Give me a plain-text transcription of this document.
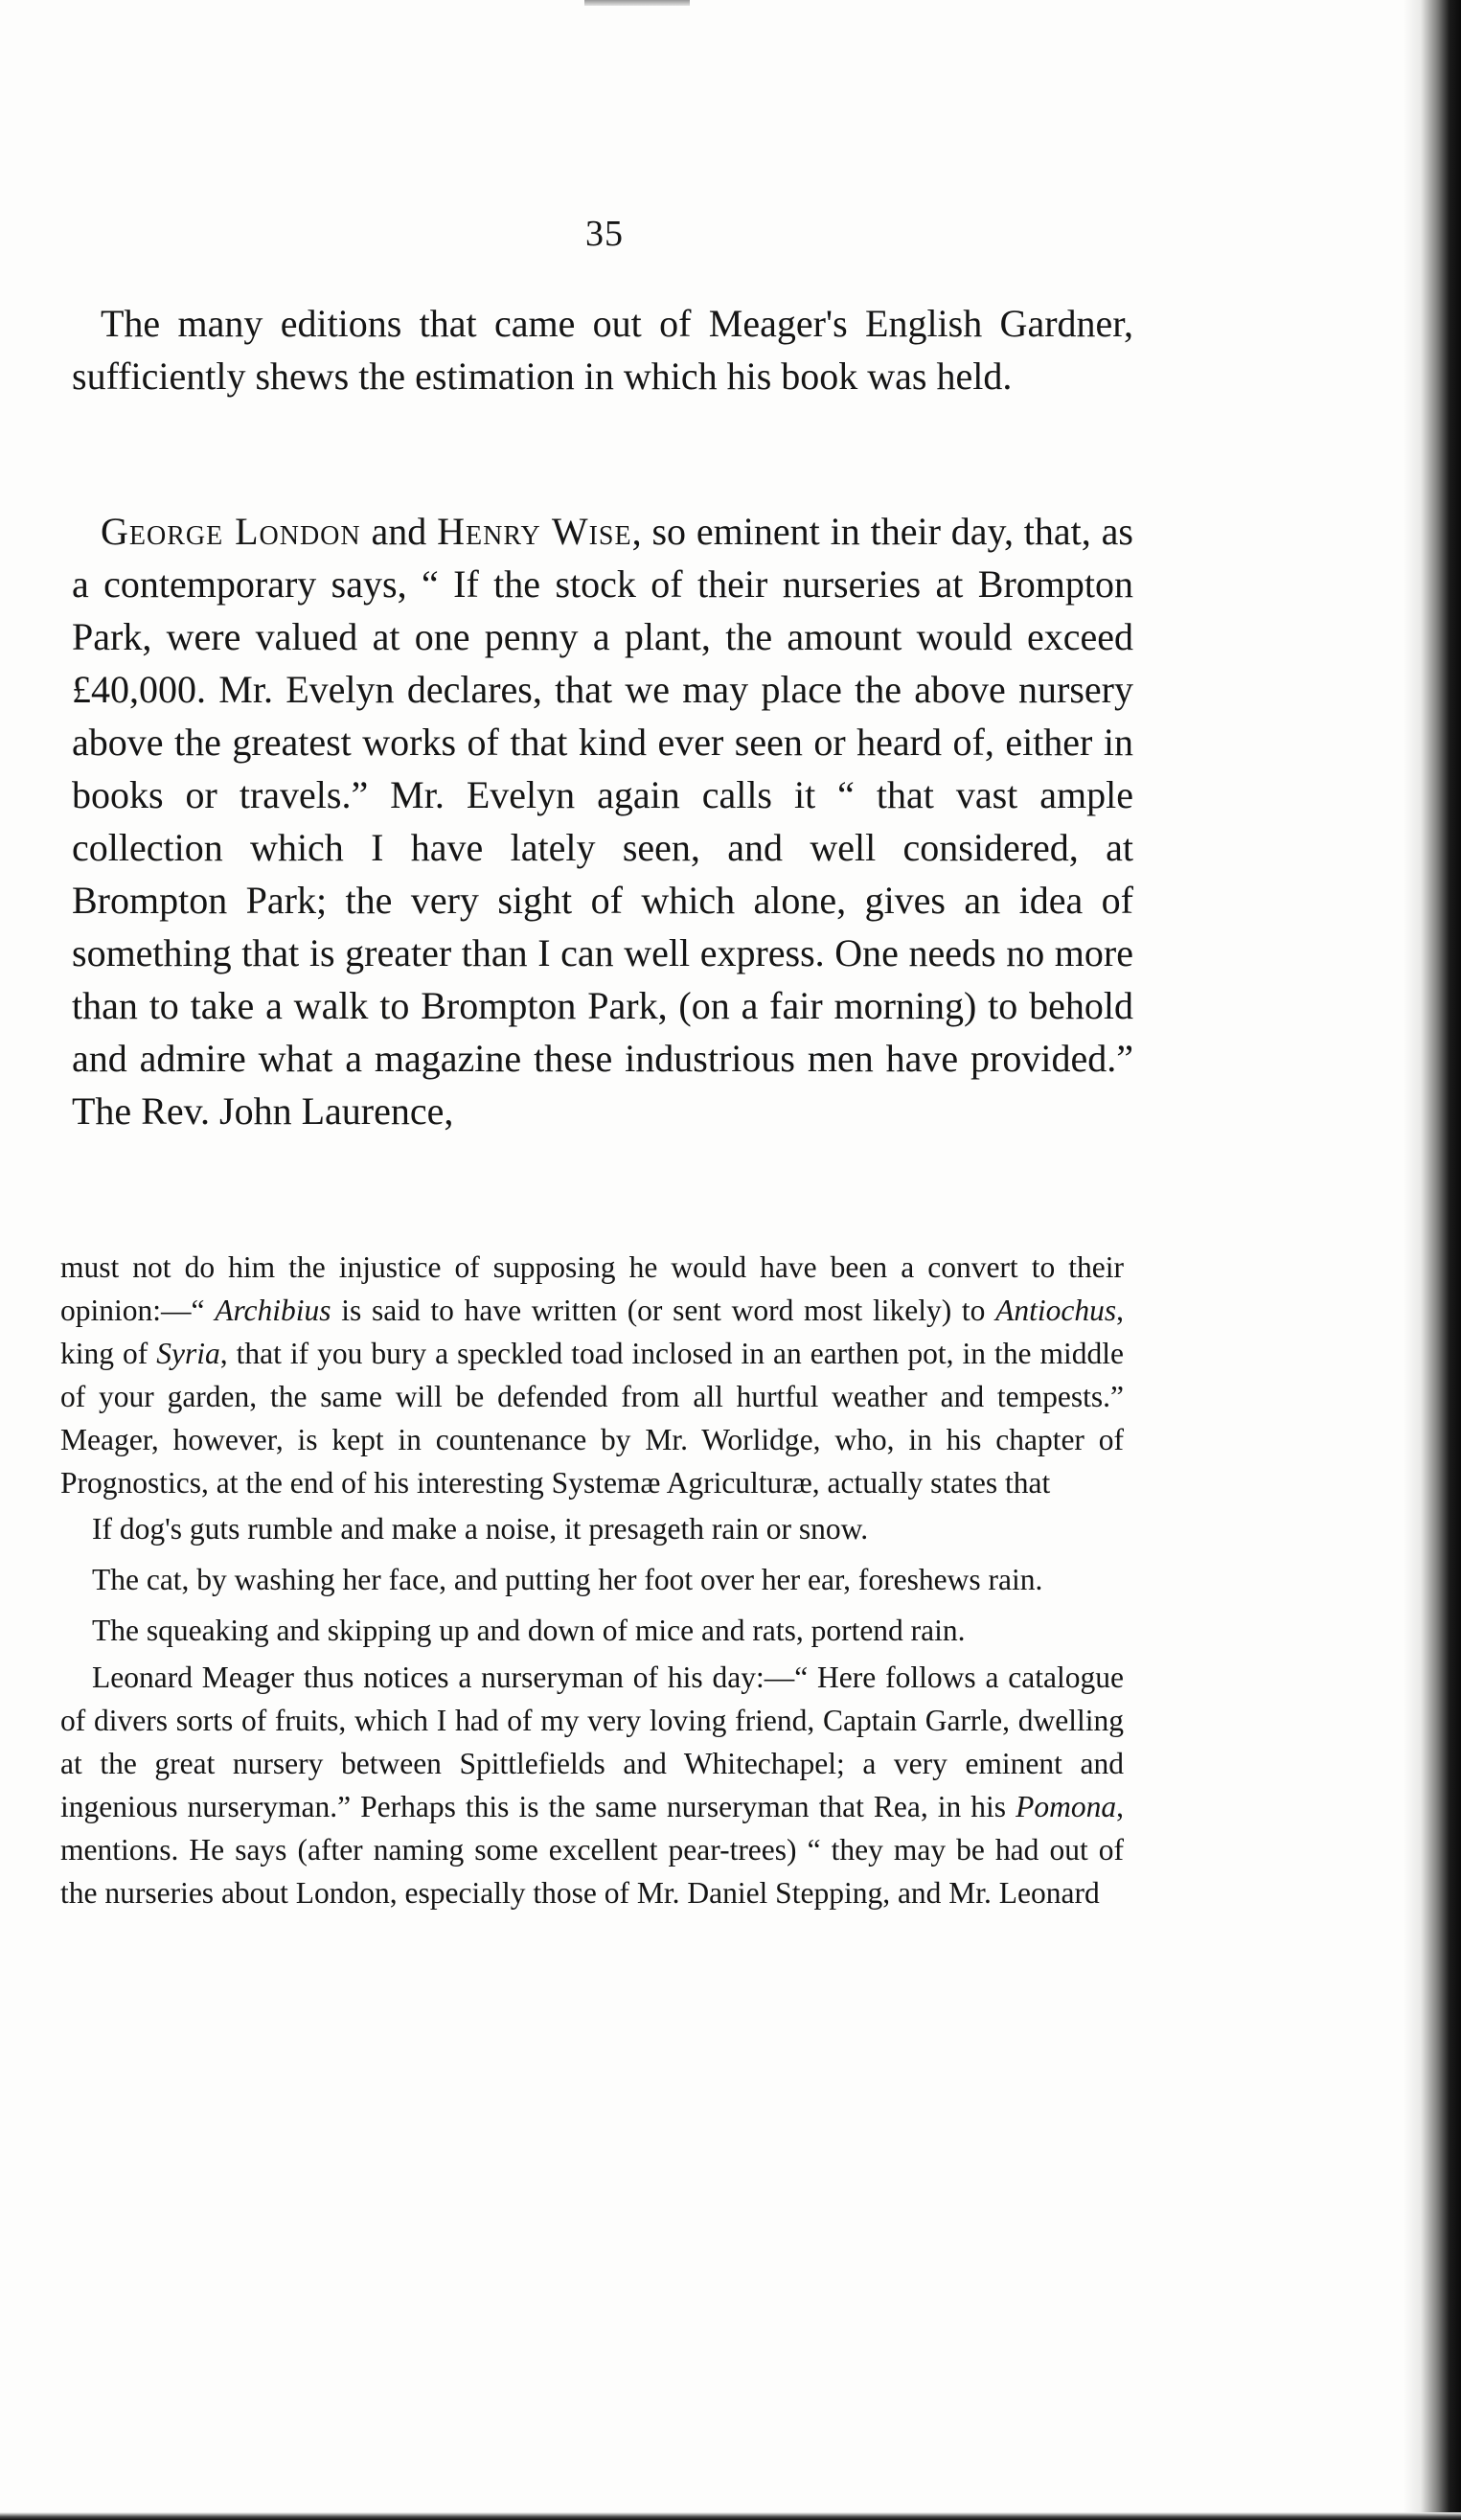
35

The many editions that came out of Meager's English Gardner, sufficiently shews the estimation in which his book was held.

George London and Henry Wise, so eminent in their day, that, as a contemporary says, “ If the stock of their nurseries at Brompton Park, were valued at one penny a plant, the amount would exceed £40,000. Mr. Evelyn declares, that we may place the above nursery above the greatest works of that kind ever seen or heard of, either in books or travels.” Mr. Evelyn again calls it “ that vast ample collection which I have lately seen, and well considered, at Brompton Park; the very sight of which alone, gives an idea of something that is greater than I can well express. One needs no more than to take a walk to Brompton Park, (on a fair morning) to behold and admire what a magazine these industrious men have provided.” The Rev. John Laurence,

must not do him the injustice of supposing he would have been a convert to their opinion:—“ Archibius is said to have written (or sent word most likely) to Antiochus, king of Syria, that if you bury a speckled toad inclosed in an earthen pot, in the middle of your garden, the same will be defended from all hurtful weather and tempests.” Meager, however, is kept in countenance by Mr. Worlidge, who, in his chapter of Prognostics, at the end of his interesting Systemæ Agriculturæ, actually states that

If dog's guts rumble and make a noise, it presageth rain or snow.

The cat, by washing her face, and putting her foot over her ear, foreshews rain.

The squeaking and skipping up and down of mice and rats, portend rain.

Leonard Meager thus notices a nurseryman of his day:—“ Here follows a catalogue of divers sorts of fruits, which I had of my very loving friend, Captain Garrle, dwelling at the great nursery between Spittlefields and Whitechapel; a very eminent and ingenious nurseryman.” Perhaps this is the same nurseryman that Rea, in his Pomona, mentions. He says (after naming some excellent pear-trees) “ they may be had out of the nurseries about London, especially those of Mr. Daniel Stepping, and Mr. Leonard
